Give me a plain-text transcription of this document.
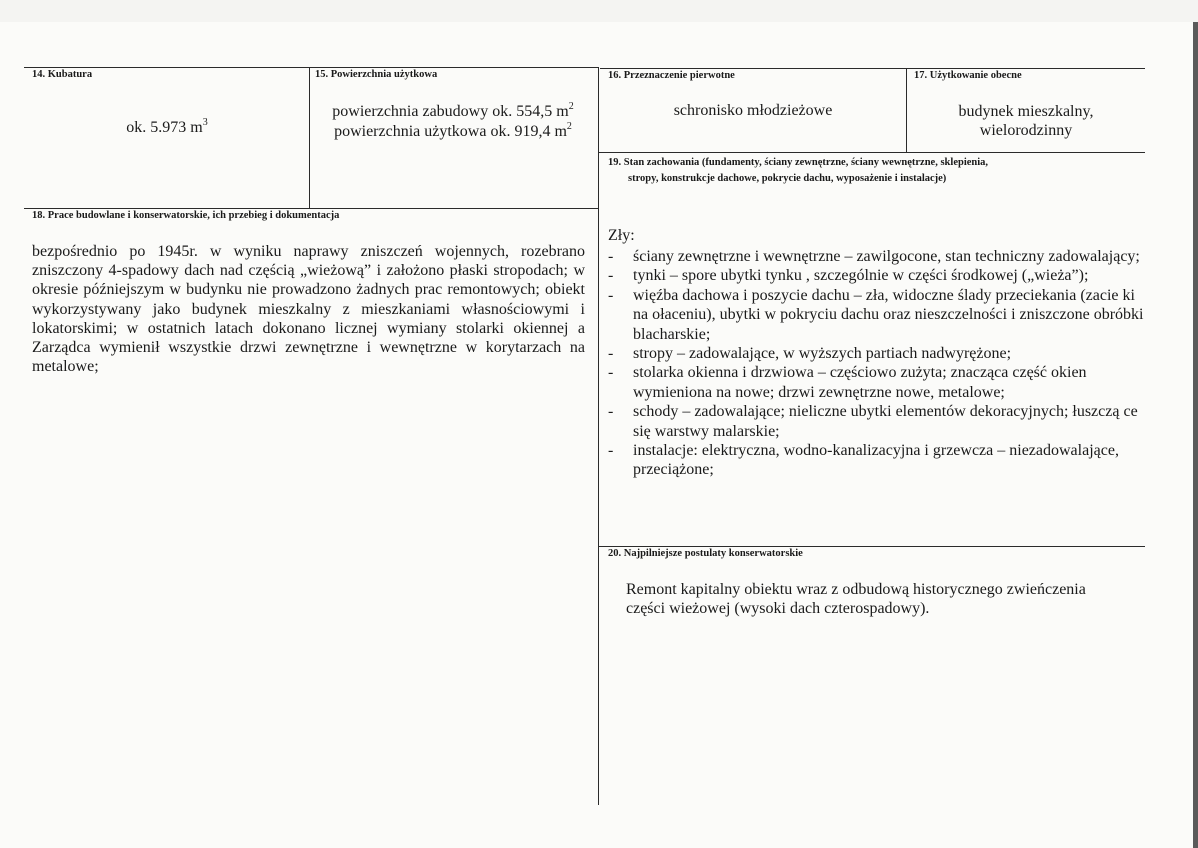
14. Kubatura
ok. 5.973 $m^3$
15. Powierzchnia użytkowa
powierzchnia zabudowy ok. 554,5 $m^2$
powierzchnia użytkowa ok. 919,4 $m^2$
16. Przeznaczenie pierwotne
schronisko młodzieżowe
17. Użytkowanie obecne
budynek mieszkalny,
wielorodzinny
19. Stan zachowania (fundamenty, ściany zewnętrzne, ściany wewnętrzne, sklepienia,
stropy, konstrukcje dachowe, pokrycie dachu, wyposażenie i instalacje)
Zły:
- ściany zewnętrzne i wewnętrzne – zawilgocone, stan techniczny zadowalający;
- tynki – spore ubytki tynku , szczególnie w części środkowej („wieża”);
- więźba dachowa i poszycie dachu – zła, widoczne ślady przeciekania (zacie ki na ołaceniu), ubytki w pokryciu dachu oraz nieszczelności i zniszczone obróbki blacharskie;
- stropy – zadowalające, w wyższych partiach nadwyrężone;
- stolarka okienna i drzwiowa – częściowo zużyta; znacząca część okien wymieniona na nowe; drzwi zewnętrzne nowe, metalowe;
- schody – zadowalające; nieliczne ubytki elementów dekoracyjnych; łuszczą ce się warstwy malarskie;
- instalacje: elektryczna, wodno-kanalizacyjna i grzewcza – niezadowalające, przeciążone;
18. Prace budowlane i konserwatorskie, ich przebieg i dokumentacja
bezpośrednio po 1945r. w wyniku naprawy zniszczeń wojennych, rozebrano zniszczony 4-spadowy dach nad częścią „wieżową” i założono płaski stropodach; w okresie późniejszym w budynku nie prowadzono żadnych prac remontowych; obiekt wykorzystywany jako budynek mieszkalny z mieszkaniami własnościowymi i lokatorskimi; w ostatnich latach dokonano licznej wymiany stolarki okiennej a Zarządca wymienił wszystkie drzwi zewnętrzne i wewnętrzne w korytarzach na metalowe;
20. Najpilniejsze postulaty konserwatorskie
Remont kapitalny obiektu wraz z odbudową historycznego zwieńczenia
części wieżowej (wysoki dach czterospadowy).
